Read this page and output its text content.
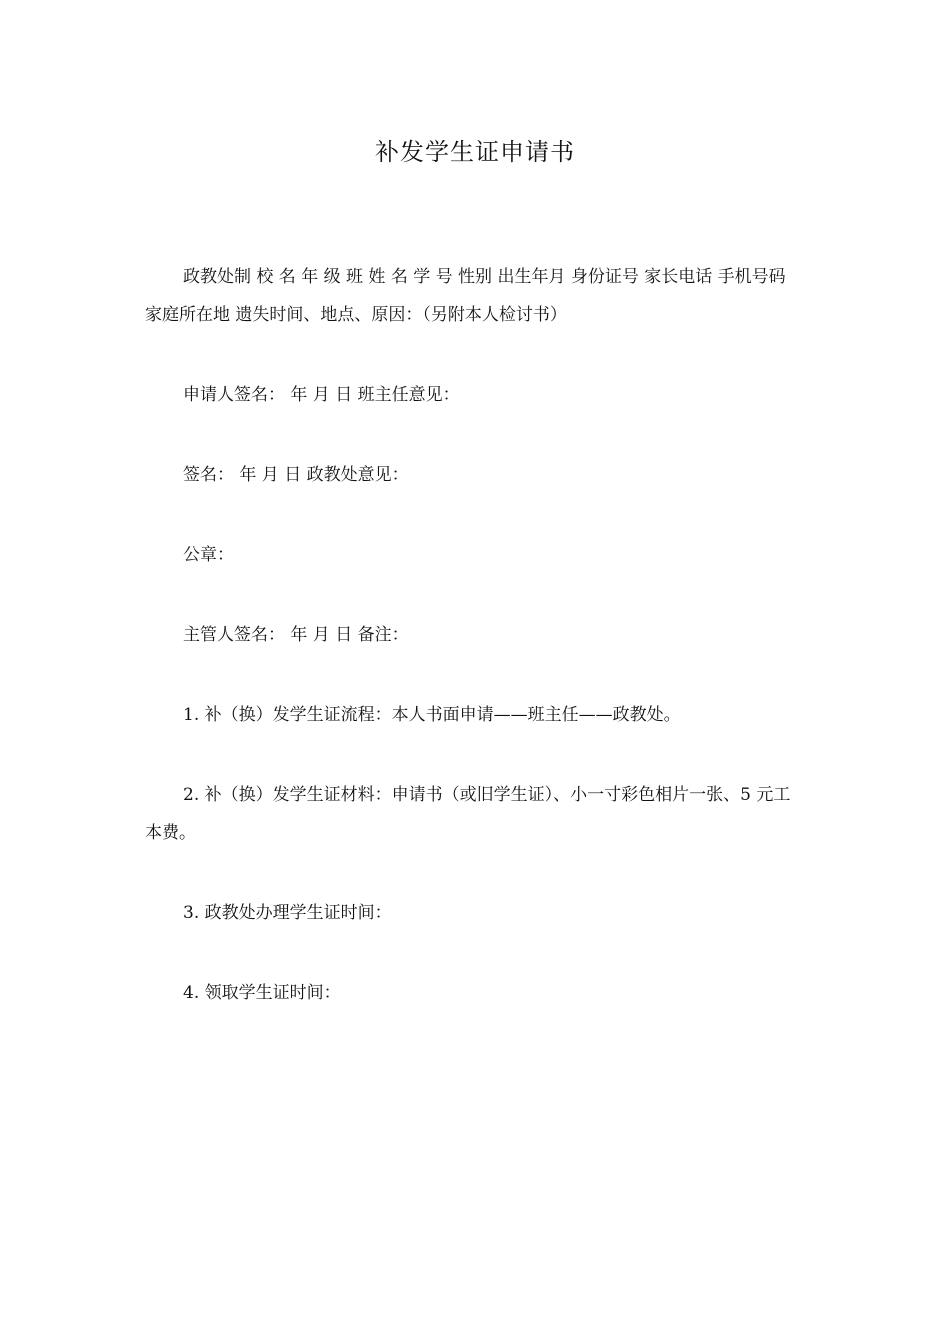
补发学生证申请书

政教处制 校 名 年 级 班 姓 名 学 号 性别 出生年月 身份证号 家长电话 手机号码 家庭所在地 遗失时间、地点、原因：（另附本人检讨书）

申请人签名： 年 月 日 班主任意见：

签名： 年 月 日 政教处意见：

公章：

主管人签名： 年 月 日 备注：

1. 补（换）发学生证流程：本人书面申请——班主任——政教处。

2. 补（换）发学生证材料：申请书（或旧学生证）、小一寸彩色相片一张、5 元工本费。

3. 政教处办理学生证时间：

4. 领取学生证时间：
